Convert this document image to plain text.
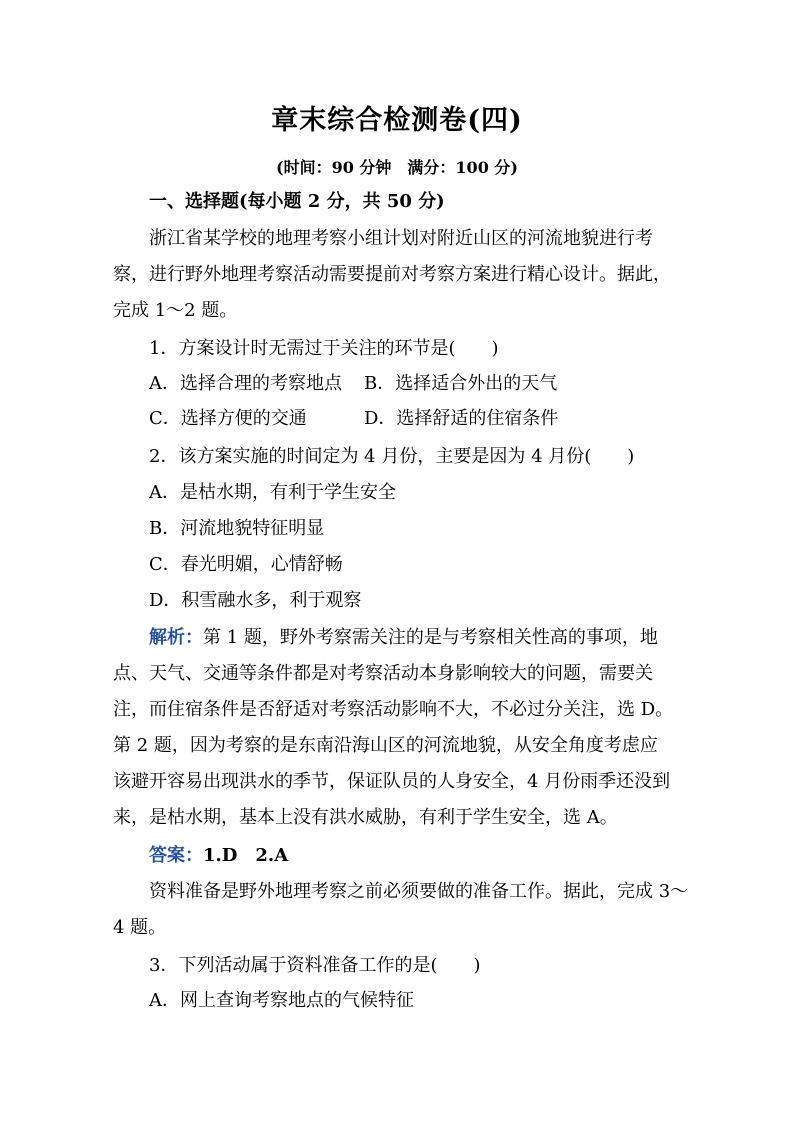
章末综合检测卷(四)
(时间：90 分钟　满分：100 分)
一、选择题(每小题 2 分，共 50 分)
浙江省某学校的地理考察小组计划对附近山区的河流地貌进行考
察，进行野外地理考察活动需要提前对考察方案进行精心设计。据此，
完成 1～2 题。
1．方案设计时无需过于关注的环节是(　　)
A．选择合理的考察地点 B．选择适合外出的天气
C．选择方便的交通	D．选择舒适的住宿条件
2．该方案实施的时间定为 4 月份，主要是因为 4 月份(　　)
A．是枯水期，有利于学生安全
B．河流地貌特征明显
C．春光明媚，心情舒畅
D．积雪融水多，利于观察
解析：第 1 题，野外考察需关注的是与考察相关性高的事项，地
点、天气、交通等条件都是对考察活动本身影响较大的问题，需要关
注，而住宿条件是否舒适对考察活动影响不大，不必过分关注，选 D。
第 2 题，因为考察的是东南沿海山区的河流地貌，从安全角度考虑应
该避开容易出现洪水的季节，保证队员的人身安全，4 月份雨季还没到
来，是枯水期，基本上没有洪水威胁，有利于学生安全，选 A。
答案：1.D　2.A
资料准备是野外地理考察之前必须要做的准备工作。据此，完成 3～
4 题。
3．下列活动属于资料准备工作的是(　　)
A．网上查询考察地点的气候特征
